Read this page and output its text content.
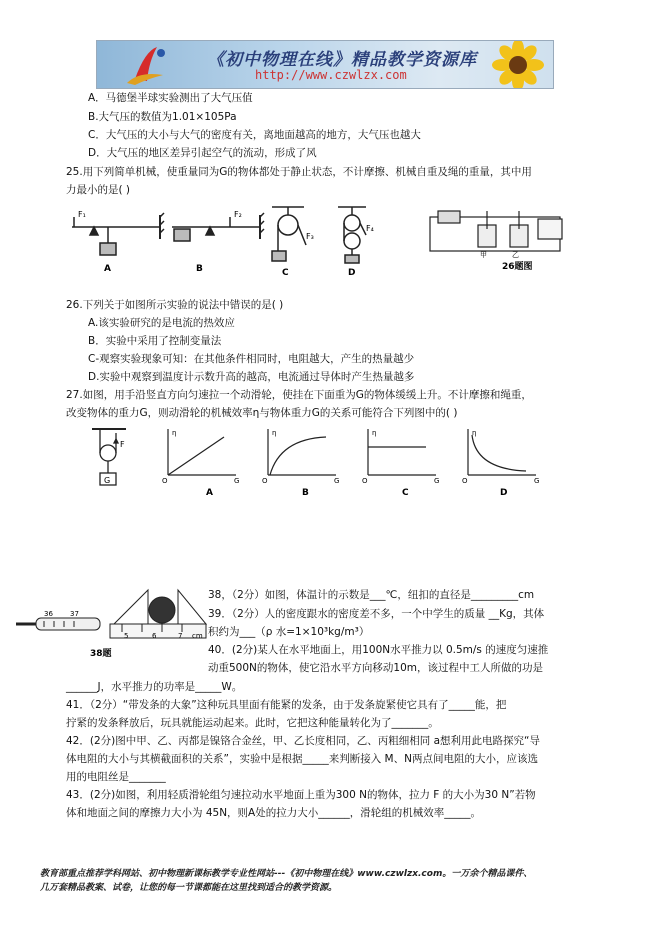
《初中物理在线》精品教学资源库
http://www.czwlzx.com
A．马德堡半球实验测出了大气压值
B.大气压的数值为1.01×105Pa
C．大气压的大小与大气的密度有关，离地面越高的地方，大气压也越大
D．大气压的地区差异引起空气的流动，形成了风
25.用下列简单机械，使重量同为G的物体都处于静止状态，不计摩擦、机械自重及绳的重量，其中用
力最小的是( )
F₁
A
F₂
B
F₃
C
F₄
D
甲	乙
26题图
26.下列关于如图所示实验的说法中错误的是( )
A.该实验研究的是电流的热效应
B．实验中采用了控制变量法
C-观察实验现象可知：在其他条件相同时，电阻越大，产生的热量越少
D.实验中观察到温度计示数升高的越高，电流通过导体时产生热量越多
27.如图，用手沿竖直方向匀速拉一个动滑轮，使挂在下面重为G的物体缓缓上升。不计摩擦和绳重，
改变物体的重力G，则动滑轮的机械效率η与物体重力G的关系可能符合下列图中的( )
F
G
η	η	η	η
G	G	G	G
O	O	O	O
A	B	C	D
36 37
5	6	7 cm
38题
38，（2分）如图，体温计的示数是___℃，纽扣的直径是_________cm
39．（2分）人的密度跟水的密度差不多，一个中学生的质量 __Kg，其体
积约为___（ρ 水=1×10³kg/m³）
40．(2分)某人在水平地面上，用100N水平推力以 0.5m/s 的速度匀速推
动重500N的物体，使它沿水平方向移动10m，该过程中工人所做的功是
______J，水平推力的功率是_____W。
41．（2分）“带发条的大象”这种玩具里面有能紧的发条，由于发条旋紧使它具有了_____能，把
拧紧的发条释放后，玩具就能运动起来。此时，它把这种能量转化为了_______。
42．(2分)图中甲、乙、丙都是镍铬合金丝，甲、乙长度相同，乙、丙粗细相同 a想利用此电路探究“导
体电阻的大小与其横截面积的关系”，实验中是根据_____来判断接入 M、N两点间电阻的大小，应该选
用的电阻丝是_______
43．(2分)如图，利用轻质滑轮组匀速拉动水平地面上重为300 N的物体，拉力 F 的大小为30 N”若物
体和地面之间的摩擦力大小为 45N，则A处的拉力大小______，滑轮组的机械效率_____。
教育部重点推荐学科网站、初中物理新课标教学专业性网站---《初中物理在线》www.czwlzx.com。一万余个精品课件、
几万套精品教案、试卷，让您的每一节课都能在这里找到适合的教学资源。
